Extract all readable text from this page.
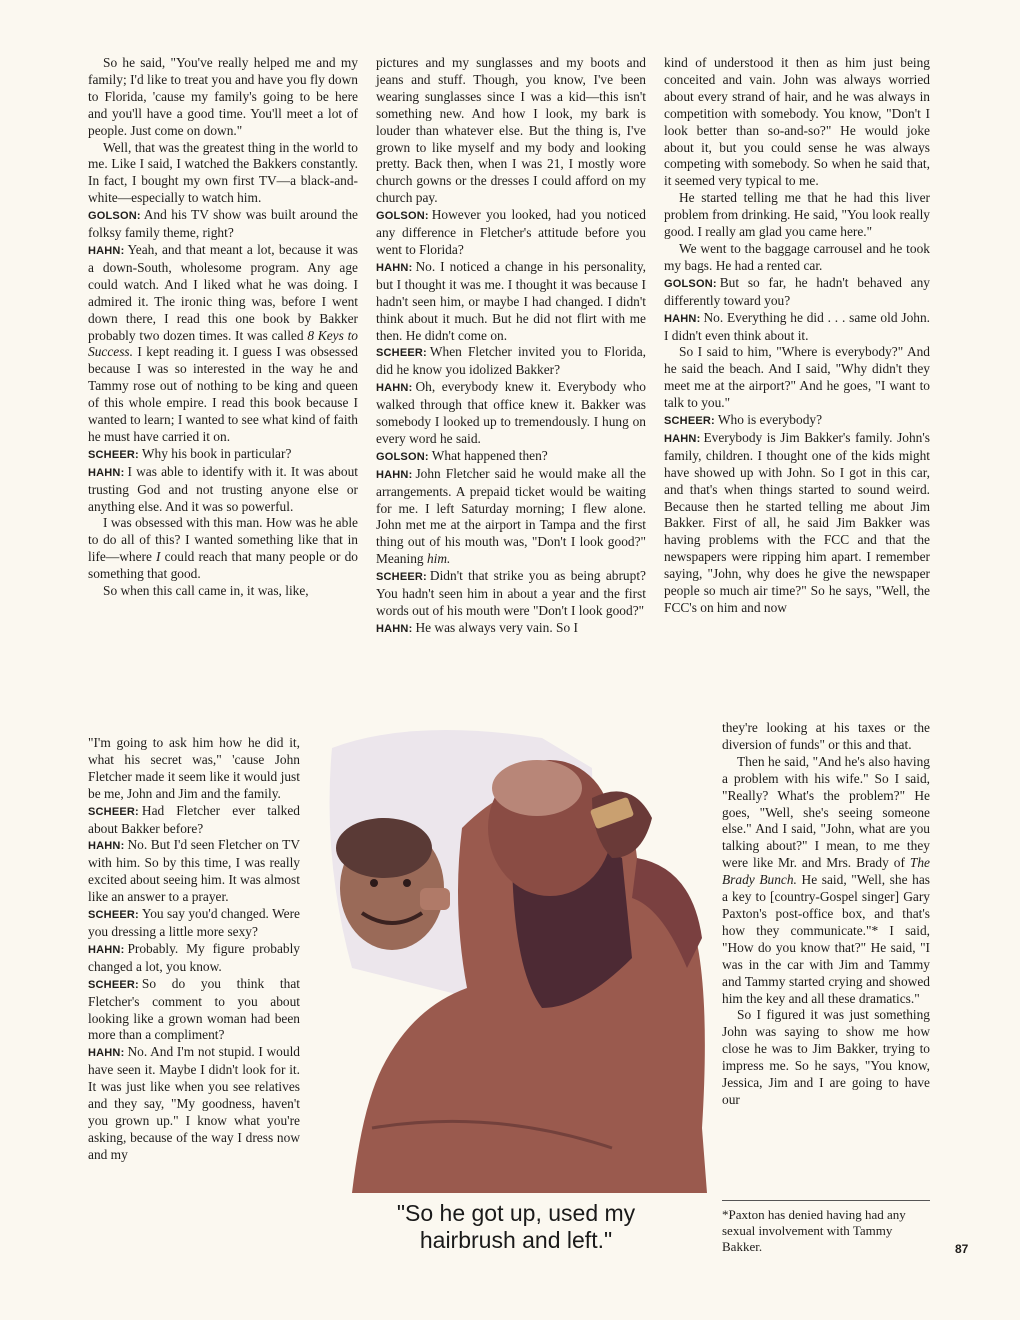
So he said, "You've really helped me and my family; I'd like to treat you and have you fly down to Florida, 'cause my family's going to be here and you'll have a good time. You'll meet a lot of people. Just come on down."

Well, that was the greatest thing in the world to me. Like I said, I watched the Bakkers constantly. In fact, I bought my own first TV—a black-and-white—especially to watch him.

GOLSON: And his TV show was built around the folksy family theme, right?

HAHN: Yeah, and that meant a lot, because it was a down-South, wholesome program. Any age could watch. And I liked what he was doing. I admired it. The ironic thing was, before I went down there, I read this one book by Bakker probably two dozen times. It was called 8 Keys to Success. I kept reading it. I guess I was obsessed because I was so interested in the way he and Tammy rose out of nothing to be king and queen of this whole empire. I read this book because I wanted to learn; I wanted to see what kind of faith he must have carried it on.

SCHEER: Why his book in particular?

HAHN: I was able to identify with it. It was about trusting God and not trusting anyone else or anything else. And it was so powerful.

I was obsessed with this man. How was he able to do all of this? I wanted something like that in life—where I could reach that many people or do something that good.

So when this call came in, it was, like,

"I'm going to ask him how he did it, what his secret was," 'cause John Fletcher made it seem like it would just be me, John and Jim and the family.

SCHEER: Had Fletcher ever talked about Bakker before?

HAHN: No. But I'd seen Fletcher on TV with him. So by this time, I was really excited about seeing him. It was almost like an answer to a prayer.

SCHEER: You say you'd changed. Were you dressing a little more sexy?

HAHN: Probably. My figure probably changed a lot, you know.

SCHEER: So do you think that Fletcher's comment to you about looking like a grown woman had been more than a compliment?

HAHN: No. And I'm not stupid. I would have seen it. Maybe I didn't look for it. It was just like when you see relatives and they say, "My goodness, haven't you grown up." I know what you're asking, because of the way I dress now and my

pictures and my sunglasses and my boots and jeans and stuff. Though, you know, I've been wearing sunglasses since I was a kid—this isn't something new. And how I look, my bark is louder than whatever else. But the thing is, I've grown to like myself and my body and looking pretty. Back then, when I was 21, I mostly wore church gowns or the dresses I could afford on my church pay.

GOLSON: However you looked, had you noticed any difference in Fletcher's attitude before you went to Florida?

HAHN: No. I noticed a change in his personality, but I thought it was me. I thought it was because I hadn't seen him, or maybe I had changed. I didn't think about it much. But he did not flirt with me then. He didn't come on.

SCHEER: When Fletcher invited you to Florida, did he know you idolized Bakker?

HAHN: Oh, everybody knew it. Everybody who walked through that office knew it. Bakker was somebody I looked up to tremendously. I hung on every word he said.

GOLSON: What happened then?

HAHN: John Fletcher said he would make all the arrangements. A prepaid ticket would be waiting for me. I left Saturday morning; I flew alone. John met me at the airport in Tampa and the first thing out of his mouth was, "Don't I look good?" Meaning him.

SCHEER: Didn't that strike you as being abrupt? You hadn't seen him in about a year and the first words out of his mouth were "Don't I look good?"

HAHN: He was always very vain. So I

kind of understood it then as him just being conceited and vain. John was always worried about every strand of hair, and he was always in competition with somebody. You know, "Don't I look better than so-and-so?" He would joke about it, but you could sense he was always competing with somebody. So when he said that, it seemed very typical to me.

He started telling me that he had this liver problem from drinking. He said, "You look really good. I really am glad you came here."

We went to the baggage carrousel and he took my bags. He had a rented car.

GOLSON: But so far, he hadn't behaved any differently toward you?

HAHN: No. Everything he did . . . same old John. I didn't even think about it.

So I said to him, "Where is everybody?" And he said the beach. And I said, "Why didn't they meet me at the airport?" And he goes, "I want to talk to you."

SCHEER: Who is everybody?

HAHN: Everybody is Jim Bakker's family. John's family, children. I thought one of the kids might have showed up with John. So I got in this car, and that's when things started to sound weird. Because then he started telling me about Jim Bakker. First of all, he said Jim Bakker was having problems with the FCC and that the newspapers were ripping him apart. I remember saying, "John, why does he give the newspaper people so much air time?" So he says, "Well, the FCC's on him and now

they're looking at his taxes or the diversion of funds" or this and that.

Then he said, "And he's also having a problem with his wife." So I said, "Really? What's the problem?" He goes, "Well, she's seeing someone else." And I said, "John, what are you talking about?" I mean, to me they were like Mr. and Mrs. Brady of The Brady Bunch. He said, "Well, she has a key to [country-Gospel singer] Gary Paxton's post-office box, and that's how they communicate."* I said, "How do you know that?" He said, "I was in the car with Jim and Tammy and Tammy started crying and showed him the key and all these dramatics."

So I figured it was just something John was saying to show me how close he was to Jim Bakker, trying to impress me. So he says, "You know, Jessica, Jim and I are going to have our

*Paxton has denied having had any sexual involvement with Tammy Bakker.
"So he got up, used my hairbrush and left."	87
